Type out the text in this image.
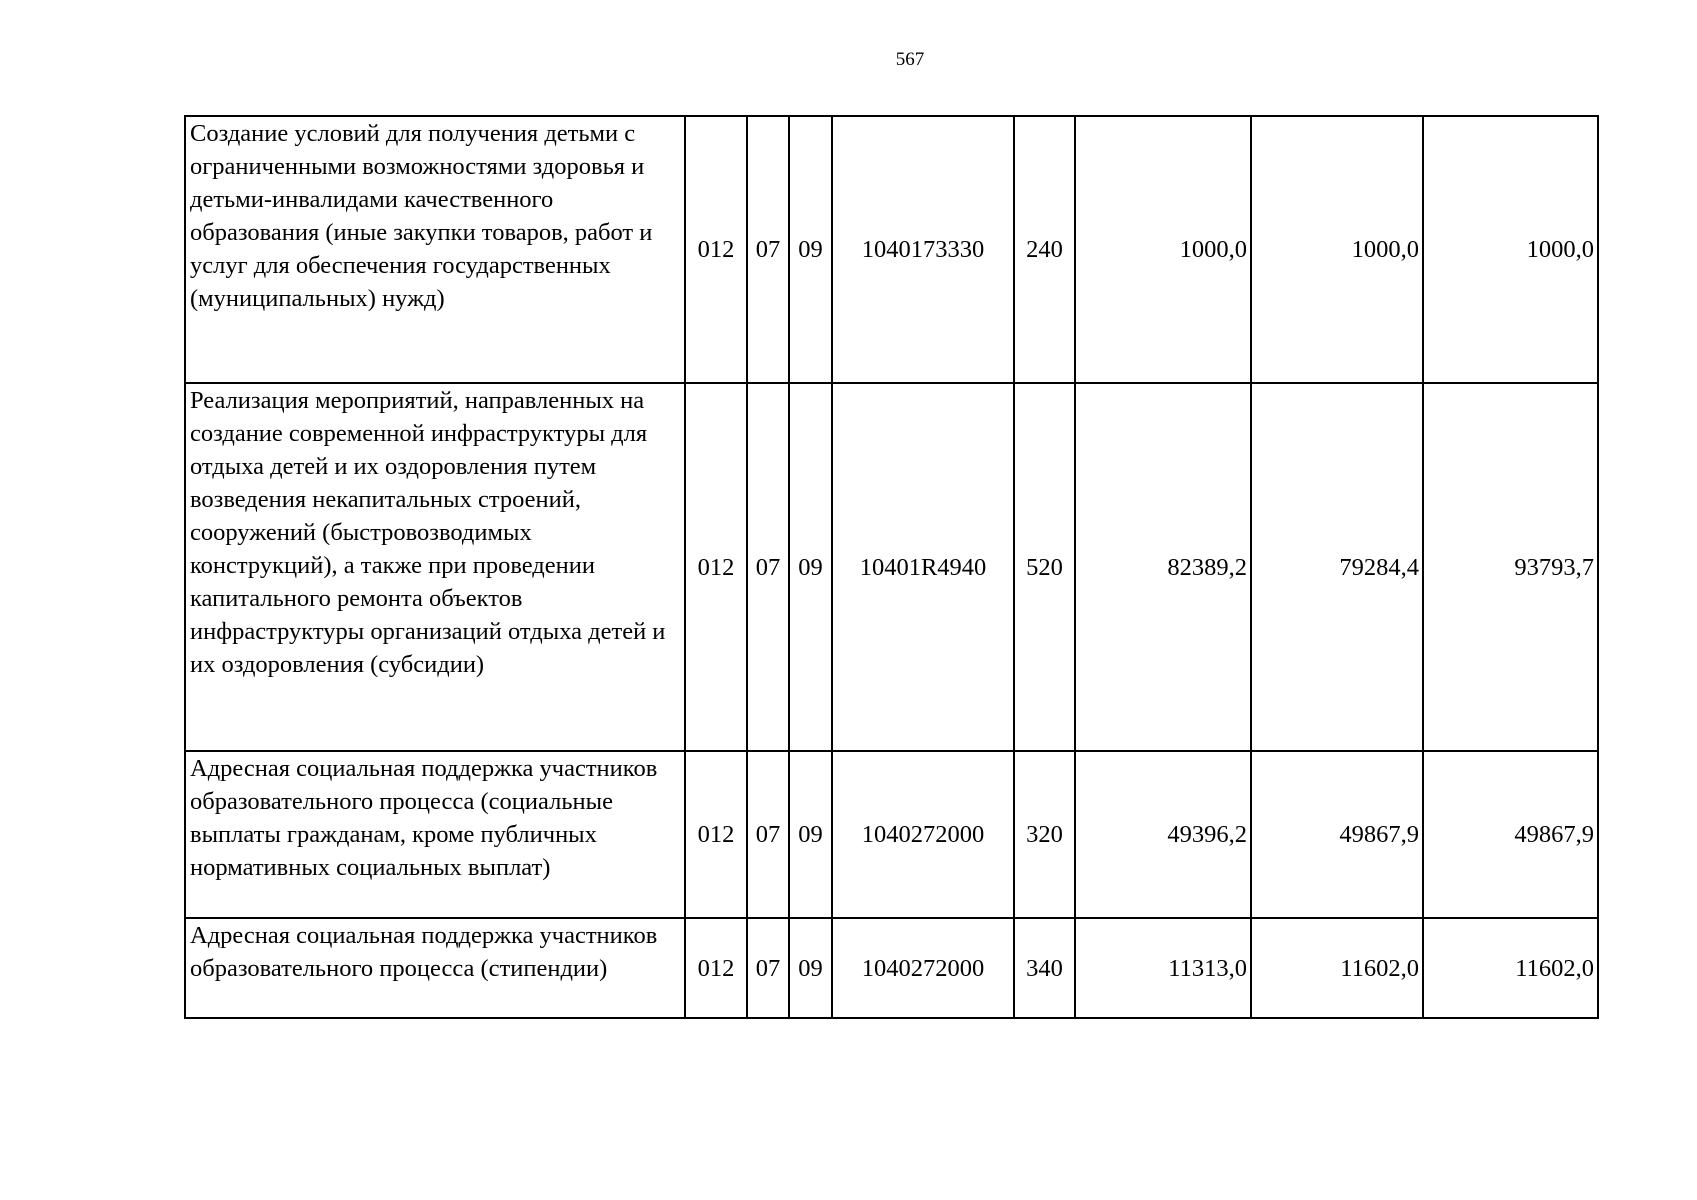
567
Создание условий для получения детьми с ограниченными возможностями здоровья и детьми-инвалидами качественного образования (иные закупки товаров, работ и услуг для обеспечения государственных (муниципальных) нужд)	012	07	09	1040173330	240	1000,0	1000,0	1000,0
Реализация мероприятий, направленных на создание современной инфраструктуры для отдыха детей и их оздоровления путем возведения некапитальных строений, сооружений (быстровозводимых конструкций), а также при проведении капитального ремонта объектов инфраструктуры организаций отдыха детей и их оздоровления (субсидии)	012	07	09	10401R4940	520	82389,2	79284,4	93793,7
Адресная социальная поддержка участников образовательного процесса (социальные выплаты гражданам, кроме публичных нормативных социальных выплат)	012	07	09	1040272000	320	49396,2	49867,9	49867,9
Адресная социальная поддержка участников образовательного процесса (стипендии)	012	07	09	1040272000	340	11313,0	11602,0	11602,0
